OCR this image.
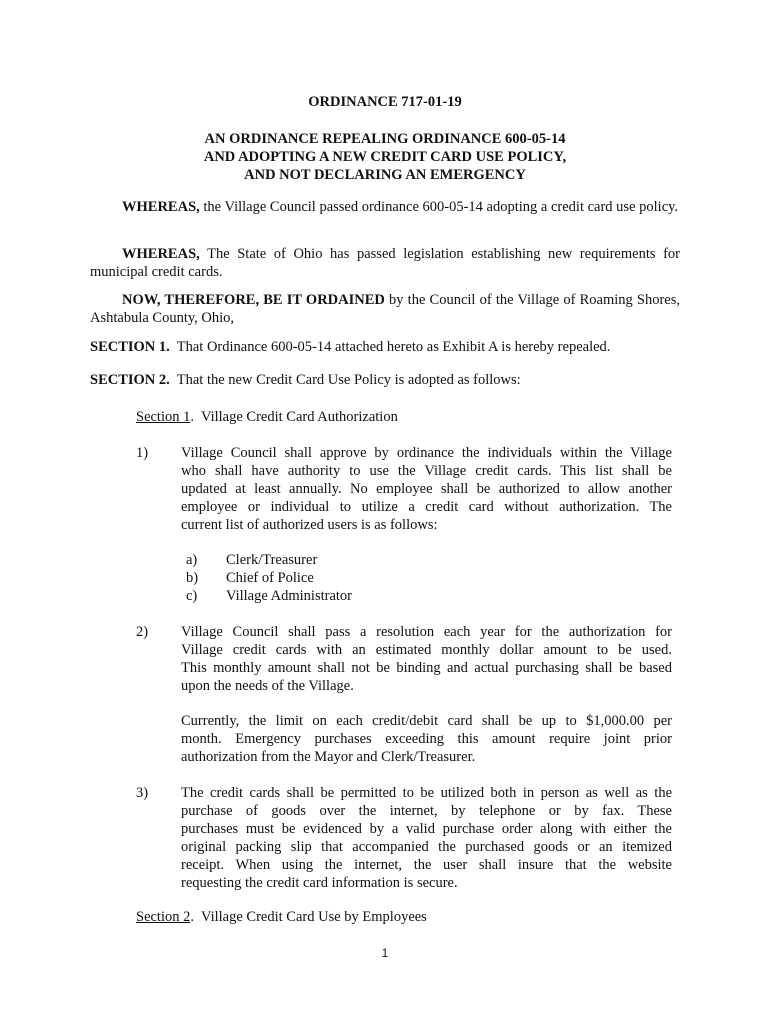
ORDINANCE 717-01-19
AN ORDINANCE REPEALING ORDINANCE 600-05-14
AND ADOPTING A NEW CREDIT CARD USE POLICY,
AND NOT DECLARING AN EMERGENCY
WHEREAS, the Village Council passed ordinance 600-05-14 adopting a credit card use policy.
WHEREAS, The State of Ohio has passed legislation establishing new requirements for municipal credit cards.
NOW, THEREFORE, BE IT ORDAINED by the Council of the Village of Roaming Shores, Ashtabula County, Ohio,
SECTION 1.  That Ordinance 600-05-14 attached hereto as Exhibit A is hereby repealed.
SECTION 2.  That the new Credit Card Use Policy is adopted as follows:
Section 1.  Village Credit Card Authorization
1)	Village Council shall approve by ordinance the individuals within the Village
who shall have authority to use the Village credit cards. This list shall be
updated at least annually. No employee shall be authorized to allow another
employee or individual to utilize a credit card without authorization. The
current list of authorized users is as follows:
a)	Clerk/Treasurer
b)	Chief of Police
c)	Village Administrator
2)	Village Council shall pass a resolution each year for the authorization for
Village credit cards with an estimated monthly dollar amount to be used.
This monthly amount shall not be binding and actual purchasing shall be based
upon the needs of the Village.
Currently, the limit on each credit/debit card shall be up to $1,000.00 per
month. Emergency purchases exceeding this amount require joint prior
authorization from the Mayor and Clerk/Treasurer.
3)	The credit cards shall be permitted to be utilized both in person as well as the
purchase of goods over the internet, by telephone or by fax. These
purchases must be evidenced by a valid purchase order along with either the
original packing slip that accompanied the purchased goods or an itemized
receipt. When using the internet, the user shall insure that the website
requesting the credit card information is secure.
Section 2.  Village Credit Card Use by Employees
1
